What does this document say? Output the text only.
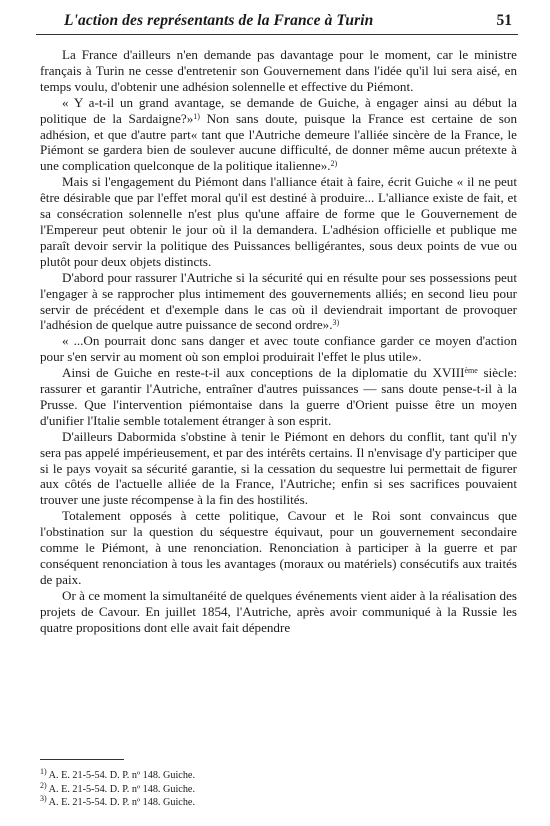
L'action des représentants de la France à Turin	51

La France d'ailleurs n'en demande pas davantage pour le moment, car le ministre français à Turin ne cesse d'entretenir son Gouvernement dans l'idée qu'il lui sera aisé, en temps voulu, d'obtenir une adhésion solennelle et effective du Piémont.

« Y a-t-il un grand avantage, se demande de Guiche, à engager ainsi au début la politique de la Sardaigne?»$^{1)}$ Non sans doute, puisque la France est certaine de son adhésion, et que d'autre part« tant que l'Autriche demeure l'alliée sincère de la France, le Piémont se gardera bien de soulever aucune difficulté, de donner même aucun prétexte à une complication quelconque de la politique italienne».$^{2)}$

Mais si l'engagement du Piémont dans l'alliance était à faire, écrit Guiche « il ne peut être désirable que par l'effet moral qu'il est destiné à produire... L'alliance existe de fait, et sa consécration solennelle n'est plus qu'une affaire de forme que le Gouvernement de l'Empereur peut obtenir le jour où il la demandera. L'adhésion officielle et publique me paraît devoir servir la politique des Puissances belligérantes, sous deux points de vue ou plutôt pour deux objets distincts.

D'abord pour rassurer l'Autriche si la sécurité qui en résulte pour ses possessions peut l'engager à se rapprocher plus intimement des gouvernements alliés; en second lieu pour servir de précédent et d'exemple dans le cas où il deviendrait important de provoquer l'adhésion de quelque autre puissance de second ordre».$^{3)}$

« ...On pourrait donc sans danger et avec toute confiance garder ce moyen d'action pour s'en servir au moment où son emploi produirait l'effet le plus utile».

Ainsi de Guiche en reste-t-il aux conceptions de la diplomatie du XVIIIème siècle: rassurer et garantir l'Autriche, entraîner d'autres puissances — sans doute pense-t-il à la Prusse. Que l'intervention piémontaise dans la guerre d'Orient puisse être un moyen d'unifier l'Italie semble totalement étranger à son esprit.

D'ailleurs Dabormida s'obstine à tenir le Piémont en dehors du conflit, tant qu'il n'y sera pas appelé impérieusement, et par des intérêts certains. Il n'envisage d'y participer que si le pays voyait sa sécurité garantie, si la cessation du sequestre lui permettait de figurer aux côtés de l'actuelle alliée de la France, l'Autriche; enfin si ses sacrifices pouvaient trouver une juste récompense à la fin des hostilités.

Totalement opposés à cette politique, Cavour et le Roi sont convaincus que l'obstination sur la question du séquestre équivaut, pour un gouvernement secondaire comme le Piémont, à une renonciation. Renonciation à participer à la guerre et par conséquent renonciation à tous les avantages (moraux ou matériels) consécutifs aux traités de paix.

Or à ce moment la simultanéité de quelques événements vient aider à la réalisation des projets de Cavour. En juillet 1854, l'Autriche, après avoir communiqué à la Russie les quatre propositions dont elle avait fait dépendre

$^{1)}$ A. E. 21-5-54. D. P. nº 148. Guiche.
$^{2)}$ A. E. 21-5-54. D. P. nº 148. Guiche.
$^{3)}$ A. E. 21-5-54. D. P. nº 148. Guiche.
